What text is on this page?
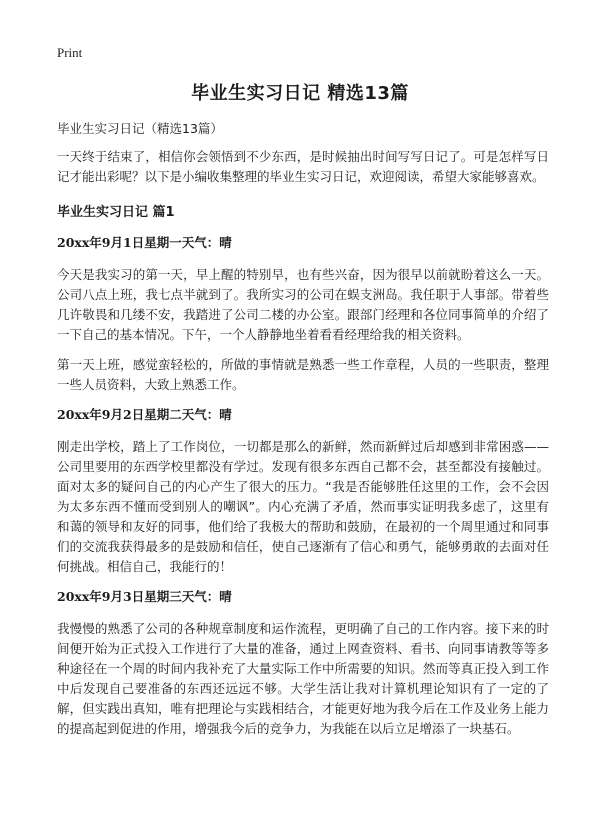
Print
毕业生实习日记 精选13篇

毕业生实习日记（精选13篇）

一天终于结束了，相信你会领悟到不少东西，是时候抽出时间写写日记了。可是怎样写日记才能出彩呢？以下是小编收集整理的毕业生实习日记，欢迎阅读，希望大家能够喜欢。

毕业生实习日记 篇1
20xx年9月1日星期一天气：晴

今天是我实习的第一天，早上醒的特别早，也有些兴奋，因为很早以前就盼着这么一天。公司八点上班，我七点半就到了。我所实习的公司在蜈支洲岛。我任职于人事部。带着些几许敬畏和几缕不安，我踏进了公司二楼的办公室。跟部门经理和各位同事简单的介绍了一下自己的基本情况。下午，一个人静静地坐着看看经理给我的相关资料。

第一天上班，感觉蛮轻松的，所做的事情就是熟悉一些工作章程，人员的一些职责，整理一些人员资料，大致上熟悉工作。

20xx年9月2日星期二天气：晴

刚走出学校，踏上了工作岗位，一切都是那么的新鲜，然而新鲜过后却感到非常困惑——公司里要用的东西学校里都没有学过。发现有很多东西自己都不会，甚至都没有接触过。面对太多的疑问自己的内心产生了很大的压力。“我是否能够胜任这里的工作，会不会因为太多东西不懂而受到别人的嘲讽”。内心充满了矛盾，然而事实证明我多虑了，这里有和蔼的领导和友好的同事，他们给了我极大的帮助和鼓励，在最初的一个周里通过和同事们的交流我获得最多的是鼓励和信任，使自己逐渐有了信心和勇气，能够勇敢的去面对任何挑战。相信自己，我能行的！

20xx年9月3日星期三天气：晴

我慢慢的熟悉了公司的各种规章制度和运作流程，更明确了自己的工作内容。接下来的时间便开始为正式投入工作进行了大量的准备，通过上网查资料、看书、向同事请教等等多种途径在一个周的时间内我补充了大量实际工作中所需要的知识。然而等真正投入到工作中后发现自己要准备的东西还远远不够。大学生活让我对计算机理论知识有了一定的了解，但实践出真知，唯有把理论与实践相结合，才能更好地为我今后在工作及业务上能力的提高起到促进的作用，增强我今后的竞争力，为我能在以后立足增添了一块基石。
